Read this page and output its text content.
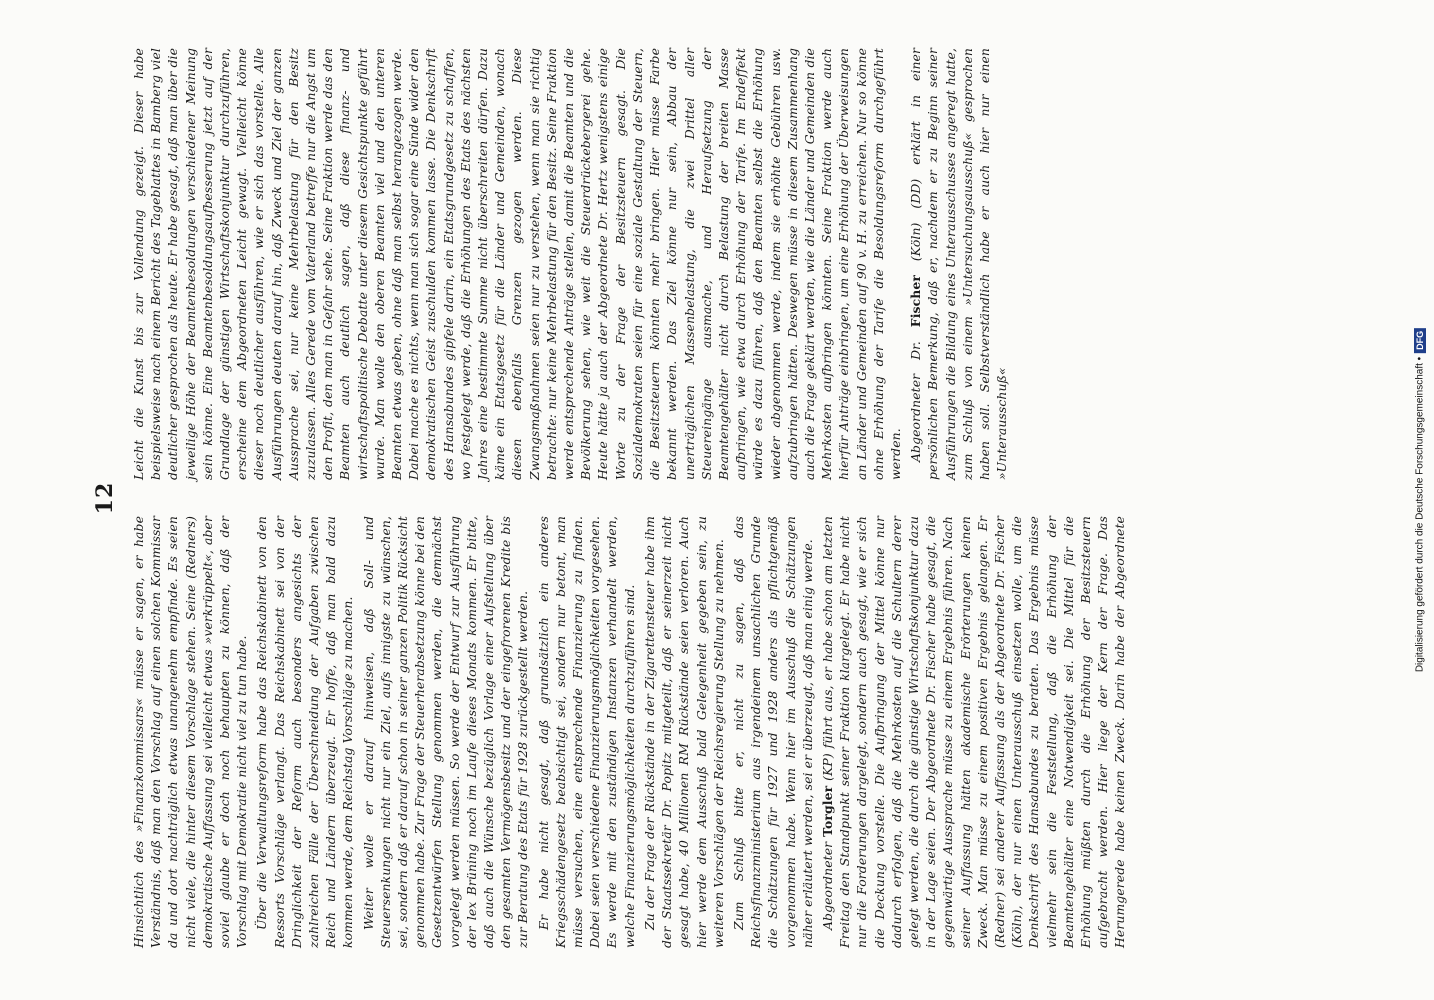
12

Hinsichtlich des »Finanzkommissars« müsse er sagen, er habe Verständnis, daß man den Vorschlag auf einen solchen Kommissar da und dort nachträglich etwas unangenehm empfinde. Es seien nicht viele, die hinter diesem Vorschlage stehen. Seine (Redners) demokratische Auffassung sei vielleicht etwas »verkrüppelt«, aber soviel glaube er doch noch behaupten zu können, daß der Vorschlag mit Demokratie nicht viel zu tun habe. Über die Verwaltungsreform habe das Reichskabinett von den Ressorts Vorschläge verlangt. Das Reichskabinett sei von der Dringlichkeit der Reform auch besonders angesichts der zahlreichen Fälle der Überschneidung der Aufgaben zwischen Reich und Ländern überzeugt. Er hoffe, daß man bald dazu kommen werde, dem Reichstag Vorschläge zu machen. Weiter wolle er darauf hinweisen, daß Soll- und Steuersenkungen nicht nur ein Ziel, aufs innigste zu wünschen, sei, sondern daß er darauf schon in seiner ganzen Politik Rücksicht genommen habe. Zur Frage der Steuerherabsetzung könne bei den Gesetzentwürfen Stellung genommen werden, die demnächst vorgelegt werden müssen. So werde der Entwurf zur Ausführung der lex Brüning noch im Laufe dieses Monats kommen. Er bitte, daß auch die Wünsche bezüglich Vorlage einer Aufstellung über den gesamten Vermögensbesitz und der eingefrorenen Kredite bis zur Beratung des Etats für 1928 zurückgestellt werden. Er habe nicht gesagt, daß grundsätzlich ein anderes Kriegsschädengesetz beabsichtigt sei, sondern nur betont, man müsse versuchen, eine entsprechende Finanzierung zu finden. Dabei seien verschiedene Finanzierungsmöglichkeiten vorgesehen. Es werde mit den zuständigen Instanzen verhandelt werden, welche Finanzierungsmöglichkeiten durchzuführen sind. Zu der Frage der Rückstände in der Zigarettensteuer habe ihm der Staatssekretär Dr. Popitz mitgeteilt, daß er seinerzeit nicht gesagt habe, 40 Millionen RM Rückstände seien verloren. Auch hier werde dem Ausschuß bald Gelegenheit gegeben sein, zu weiteren Vorschlägen der Reichsregierung Stellung zu nehmen. Zum Schluß bitte er, nicht zu sagen, daß das Reichsfinanzministerium aus irgendeinem unsachlichen Grunde die Schätzungen für 1927 und 1928 anders als pflichtgemäß vorgenommen habe. Wenn hier im Ausschuß die Schätzungen näher erläutert werden, sei er überzeugt, daß man einig werde. Abgeordneter Torgler (KP) führt aus, er habe schon am letzten Freitag den Standpunkt seiner Fraktion klargelegt. Er habe nicht nur die Forderungen dargelegt, sondern auch gesagt, wie er sich die Deckung vorstelle. Die Aufbringung der Mittel könne nur dadurch erfolgen, daß die Mehrkosten auf die Schultern derer gelegt werden, die durch die günstige Wirtschaftskonjunktur dazu in der Lage seien. Der Abgeordnete Dr. Fischer habe gesagt, die gegenwärtige Aussprache müsse zu einem Ergebnis führen. Nach seiner Auffassung hätten akademische Erörterungen keinen Zweck. Man müsse zu einem positiven Ergebnis gelangen. Er (Redner) sei anderer Auffassung als der Abgeordnete Dr. Fischer (Köln), der nur einen Unterausschuß einsetzen wolle, um die Denkschrift des Hansabundes zu beraten. Das Ergebnis müsse vielmehr sein die Feststellung, daß die Erhöhung der Beamtengehälter eine Notwendigkeit sei. Die Mittel für die Erhöhung müßten durch die Erhöhung der Besitzsteuern aufgebracht werden. Hier liege der Kern der Frage. Das Herumgerede habe keinen Zweck. Darin habe der Abgeordnete Leicht die Kunst bis zur Vollendung gezeigt. Dieser habe beispielsweise nach einem Bericht des Tageblattes in Bamberg viel deutlicher gesprochen als heute. Er habe gesagt, daß man über die jeweilige Höhe der Beamtenbesoldungen verschiedener Meinung sein könne. Eine Beamtenbesoldungsaufbesserung jetzt auf der Grundlage der günstigen Wirtschaftskonjunktur durchzuführen, erscheine dem Abgeordneten Leicht gewagt. Vielleicht könne dieser noch deutlicher ausführen, wie er sich das vorstelle. Alle Ausführungen deuten darauf hin, daß Zweck und Ziel der ganzen Aussprache sei, nur keine Mehrbelastung für den Besitz zuzulassen. Alles Gerede vom Vaterland betreffe nur die Angst um den Profit, den man in Gefahr sehe. Seine Fraktion werde das den Beamten auch deutlich sagen, daß diese finanz- und wirtschaftspolitische Debatte unter diesem Gesichtspunkte geführt wurde. Man wolle den oberen Beamten viel und den unteren Beamten etwas geben, ohne daß man selbst herangezogen werde. Dabei mache es nichts, wenn man sich sogar eine Sünde wider den demokratischen Geist zuschulden kommen lasse. Die Denkschrift des Hansabundes gipfele darin, ein Etatsgrundgesetz zu schaffen, wo festgelegt werde, daß die Erhöhungen des Etats des nächsten Jahres eine bestimmte Summe nicht überschreiten dürfen. Dazu käme ein Etatsgesetz für die Länder und Gemeinden, wonach diesen ebenfalls Grenzen gezogen werden. Diese Zwangsmaßnahmen seien nur zu verstehen, wenn man sie richtig betrachte: nur keine Mehrbelastung für den Besitz. Seine Fraktion werde entsprechende Anträge stellen, damit die Beamten und die Bevölkerung sehen, wie weit die Steuerdrückebergerei gehe. Heute hätte ja auch der Abgeordnete Dr. Hertz wenigstens einige Worte zu der Frage der Besitzsteuern gesagt. Die Sozialdemokraten seien für eine soziale Gestaltung der Steuern, die Besitzsteuern könnten mehr bringen. Hier müsse Farbe bekannt werden. Das Ziel könne nur sein, Abbau der unerträglichen Massenbelastung, die zwei Drittel aller Steuereingänge ausmache, und Heraufsetzung der Beamtengehälter nicht durch Belastung der breiten Masse aufbringen, wie etwa durch Erhöhung der Tarife. Im Endeffekt würde es dazu führen, daß den Beamten selbst die Erhöhung wieder abgenommen werde, indem sie erhöhte Gebühren usw. aufzubringen hätten. Deswegen müsse in diesem Zusammenhang auch die Frage geklärt werden, wie die Länder und Gemeinden die Mehrkosten aufbringen könnten. Seine Fraktion werde auch hierfür Anträge einbringen, um eine Erhöhung der Überweisungen an Länder und Gemeinden auf 90 v. H. zu erreichen. Nur so könne ohne Erhöhung der Tarife die Besoldungsreform durchgeführt werden. Abgeordneter Dr. Fischer (Köln) (DD) erklärt in einer persönlichen Bemerkung, daß er, nachdem er zu Beginn seiner Ausführungen die Bildung eines Unterausschusses angeregt hatte, zum Schluß von einem »Untersuchungsausschuß« gesprochen haben soll. Selbstverständlich habe er auch hier nur einen »Unterausschuß«	Digitalisierung gefördert durch die Deutsche Forschungsgemeinschaft •DFG
